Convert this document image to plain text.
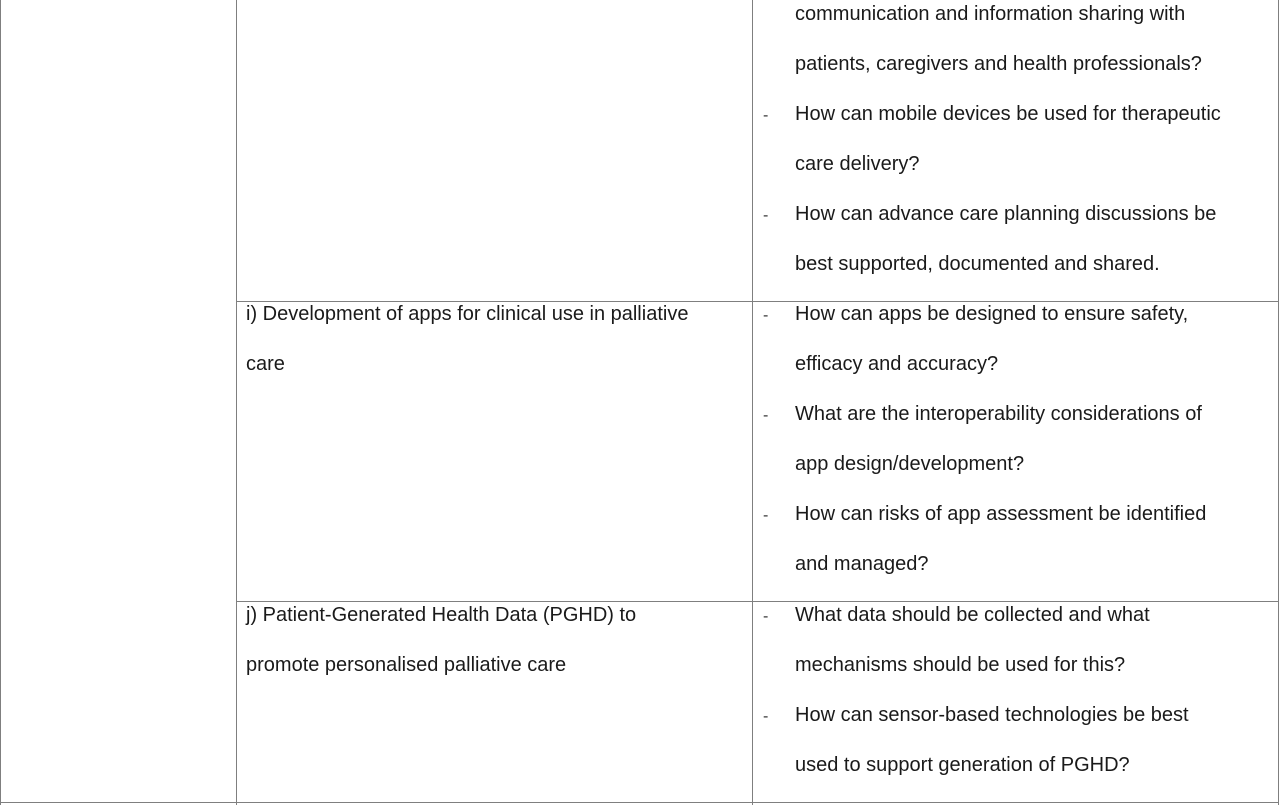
communication and information sharing with
patients, caregivers and health professionals?
- How can mobile devices be used for therapeutic
care delivery?
- How can advance care planning discussions be
best supported, documented and shared.
i) Development of apps for clinical use in palliative
care
- How can apps be designed to ensure safety,
efficacy and accuracy?
- What are the interoperability considerations of
app design/development?
- How can risks of app assessment be identified
and managed?
j) Patient-Generated Health Data (PGHD) to
promote personalised palliative care
- What data should be collected and what
mechanisms should be used for this?
- How can sensor-based technologies be best
used to support generation of PGHD?
